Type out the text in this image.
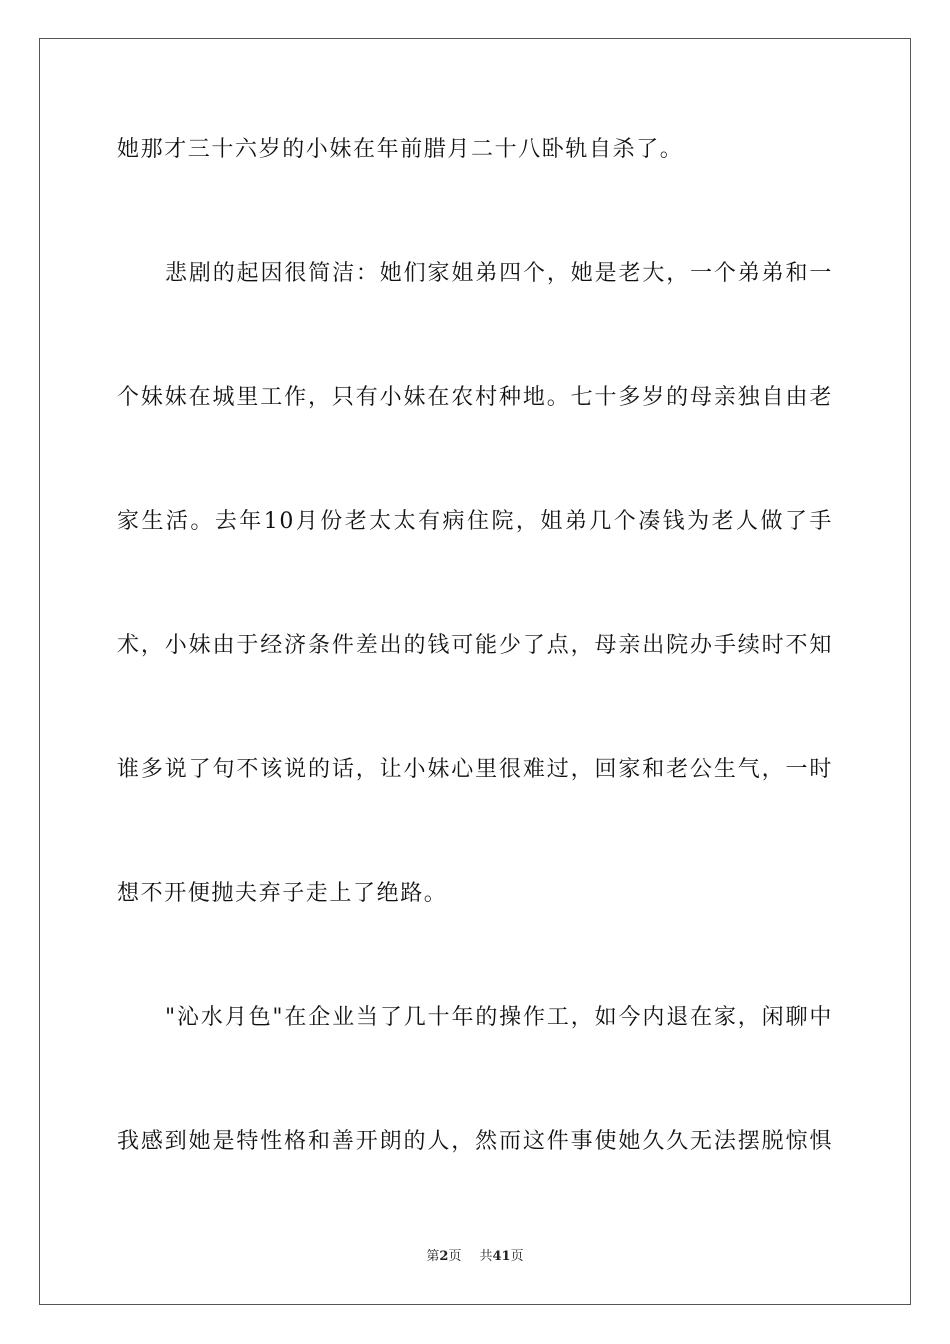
她那才三十六岁的小妹在年前腊月二十八卧轨自杀了。

悲剧的起因很简洁：她们家姐弟四个，她是老大，一个弟弟和一

个妹妹在城里工作，只有小妹在农村种地。七十多岁的母亲独自由老

家生活。去年10月份老太太有病住院，姐弟几个凑钱为老人做了手

术，小妹由于经济条件差出的钱可能少了点，母亲出院办手续时不知

谁多说了句不该说的话，让小妹心里很难过，回家和老公生气，一时

想不开便抛夫弃子走上了绝路。

"沁水月色"在企业当了几十年的操作工，如今内退在家，闲聊中

我感到她是特性格和善开朗的人，然而这件事使她久久无法摆脱惊惧

第2页 共41页
